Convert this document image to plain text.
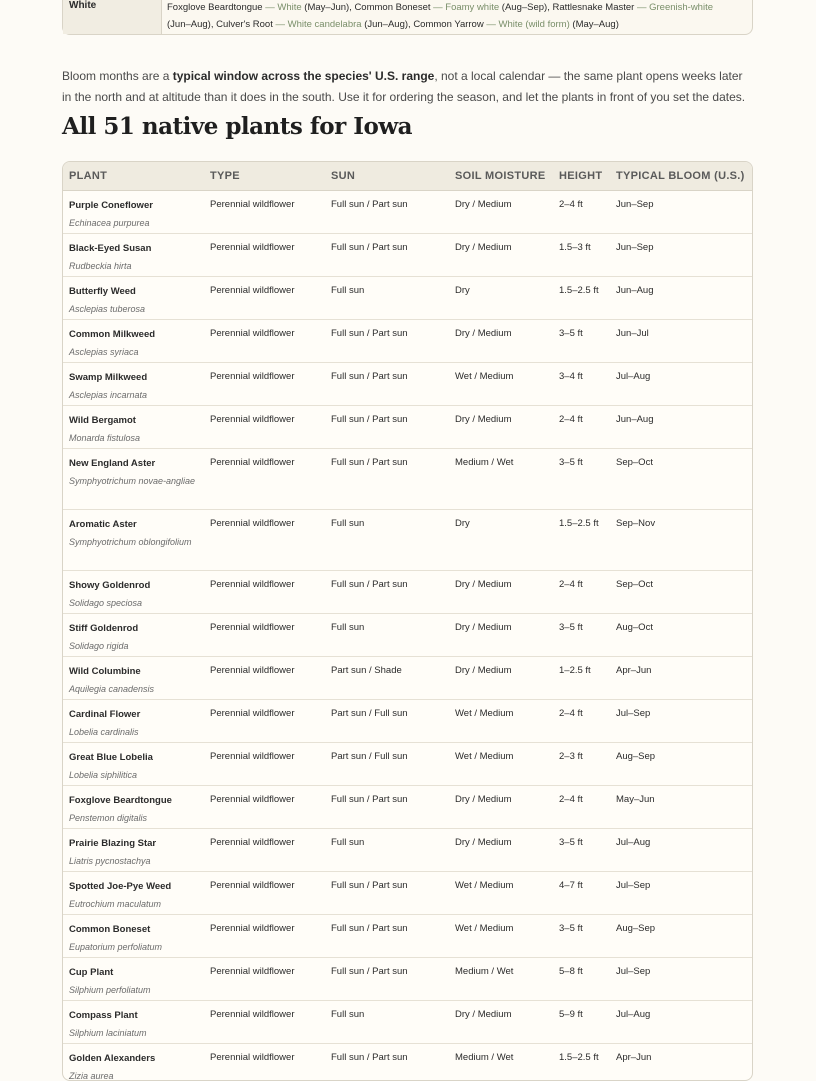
White	Foxglove Beardtongue — White (May–Jun), Common Boneset — Foamy white (Aug–Sep), Rattlesnake Master — Greenish-white
(Jun–Aug), Culver's Root — White candelabra (Jun–Aug), Common Yarrow — White (wild form) (May–Aug)

Bloom months are a typical window across the species' U.S. range, not a local calendar — the same plant opens weeks later in the north and at altitude than it does in the south. Use it for ordering the season, and let the plants in front of you set the dates.

All 51 native plants for Iowa
PLANT	TYPE	SUN	SOIL MOISTURE	HEIGHT	TYPICAL BLOOM (U.S.)

Purple Coneflower
Echinacea purpurea	Perennial wildflower	Full sun / Part sun	Dry / Medium	2–4 ft	Jun–Sep

Black-Eyed Susan
Rudbeckia hirta	Perennial wildflower	Full sun / Part sun	Dry / Medium	1.5–3 ft	Jun–Sep

Butterfly Weed
Asclepias tuberosa	Perennial wildflower	Full sun	Dry	1.5–2.5 ft	Jun–Aug

Common Milkweed
Asclepias syriaca	Perennial wildflower	Full sun / Part sun	Dry / Medium	3–5 ft	Jun–Jul

Swamp Milkweed
Asclepias incarnata	Perennial wildflower	Full sun / Part sun	Wet / Medium	3–4 ft	Jul–Aug

Wild Bergamot
Monarda fistulosa	Perennial wildflower	Full sun / Part sun	Dry / Medium	2–4 ft	Jun–Aug

New England Aster
Symphyotrichum novae-angliae	Perennial wildflower	Full sun / Part sun	Medium / Wet	3–5 ft	Sep–Oct

Aromatic Aster
Symphyotrichum oblongifolium	Perennial wildflower	Full sun	Dry	1.5–2.5 ft	Sep–Nov

Showy Goldenrod
Solidago speciosa	Perennial wildflower	Full sun / Part sun	Dry / Medium	2–4 ft	Sep–Oct

Stiff Goldenrod
Solidago rigida	Perennial wildflower	Full sun	Dry / Medium	3–5 ft	Aug–Oct

Wild Columbine
Aquilegia canadensis	Perennial wildflower	Part sun / Shade	Dry / Medium	1–2.5 ft	Apr–Jun

Cardinal Flower
Lobelia cardinalis	Perennial wildflower	Part sun / Full sun	Wet / Medium	2–4 ft	Jul–Sep

Great Blue Lobelia
Lobelia siphilitica	Perennial wildflower	Part sun / Full sun	Wet / Medium	2–3 ft	Aug–Sep

Foxglove Beardtongue
Penstemon digitalis	Perennial wildflower	Full sun / Part sun	Dry / Medium	2–4 ft	May–Jun

Prairie Blazing Star
Liatris pycnostachya	Perennial wildflower	Full sun	Dry / Medium	3–5 ft	Jul–Aug

Spotted Joe-Pye Weed
Eutrochium maculatum	Perennial wildflower	Full sun / Part sun	Wet / Medium	4–7 ft	Jul–Sep

Common Boneset
Eupatorium perfoliatum	Perennial wildflower	Full sun / Part sun	Wet / Medium	3–5 ft	Aug–Sep

Cup Plant
Silphium perfoliatum	Perennial wildflower	Full sun / Part sun	Medium / Wet	5–8 ft	Jul–Sep

Compass Plant
Silphium laciniatum	Perennial wildflower	Full sun	Dry / Medium	5–9 ft	Jul–Aug

Golden Alexanders
Zizia aurea	Perennial wildflower	Full sun / Part sun	Medium / Wet	1.5–2.5 ft	Apr–Jun
